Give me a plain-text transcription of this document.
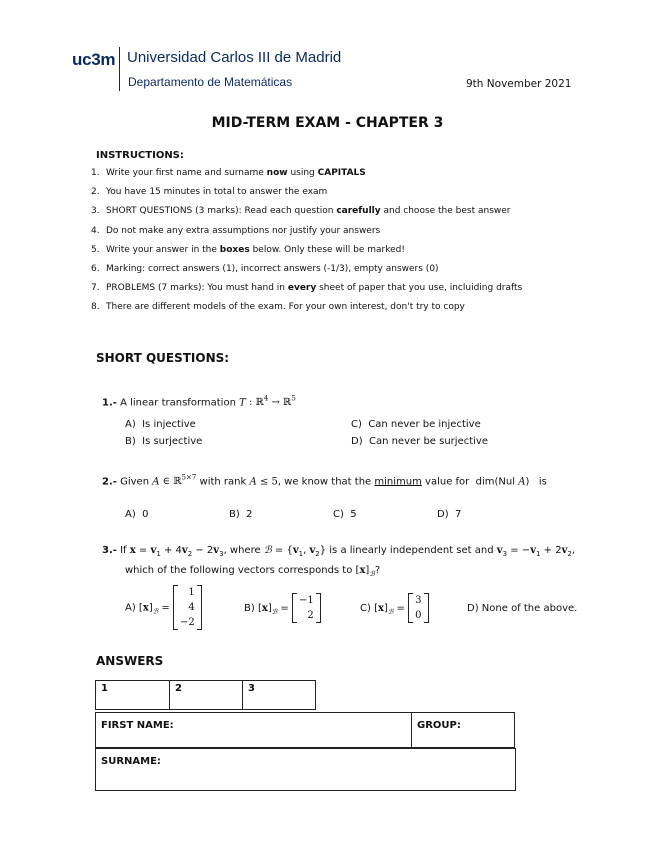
uc3m Universidad Carlos III de Madrid
Departamento de Matemáticas	9th November 2021
MID-TERM EXAM - CHAPTER 3
INSTRUCTIONS:
1. Write your first name and surname now using CAPITALS
2. You have 15 minutes in total to answer the exam
3. SHORT QUESTIONS (3 marks): Read each question carefully and choose the best answer
4. Do not make any extra assumptions nor justify your answers
5. Write your answer in the boxes below. Only these will be marked!
6. Marking: correct answers (1), incorrect answers (-1/3), empty answers (0)
7. PROBLEMS (7 marks): You must hand in every sheet of paper that you use, incluiding drafts
8. There are different models of the exam. For your own interest, don't try to copy
SHORT QUESTIONS:
1.- A linear transformation T : ℝ$^4$ → ℝ$^5$
A) Is injective
B) Is surjective
C) Can never be injective
D) Can never be surjective
2.- Given A ∈ ℝ$^{5\times 7}$ with rank A ≤ 5, we know that the minimum value for dim(Nul A)   is
A) 0	B) 2	C) 5	D) 7
3.- If $x = v_1 + 4v_2 - 2v_3$, where ℬ = {$v_1$, $v_2$} is a linearly independent set and $v_3 = -v_1 + 2v_2$,
which of the following vectors corresponds to $[x]_ℬ$?
A) $[x]_ℬ$ =
1
4
−2
B) $[x]_ℬ$ =
−1
2
C) $[x]_ℬ$ =
3
0
D) None of the above.
ANSWERS
1	2	3
FIRST NAME:	GROUP:
SURNAME:
